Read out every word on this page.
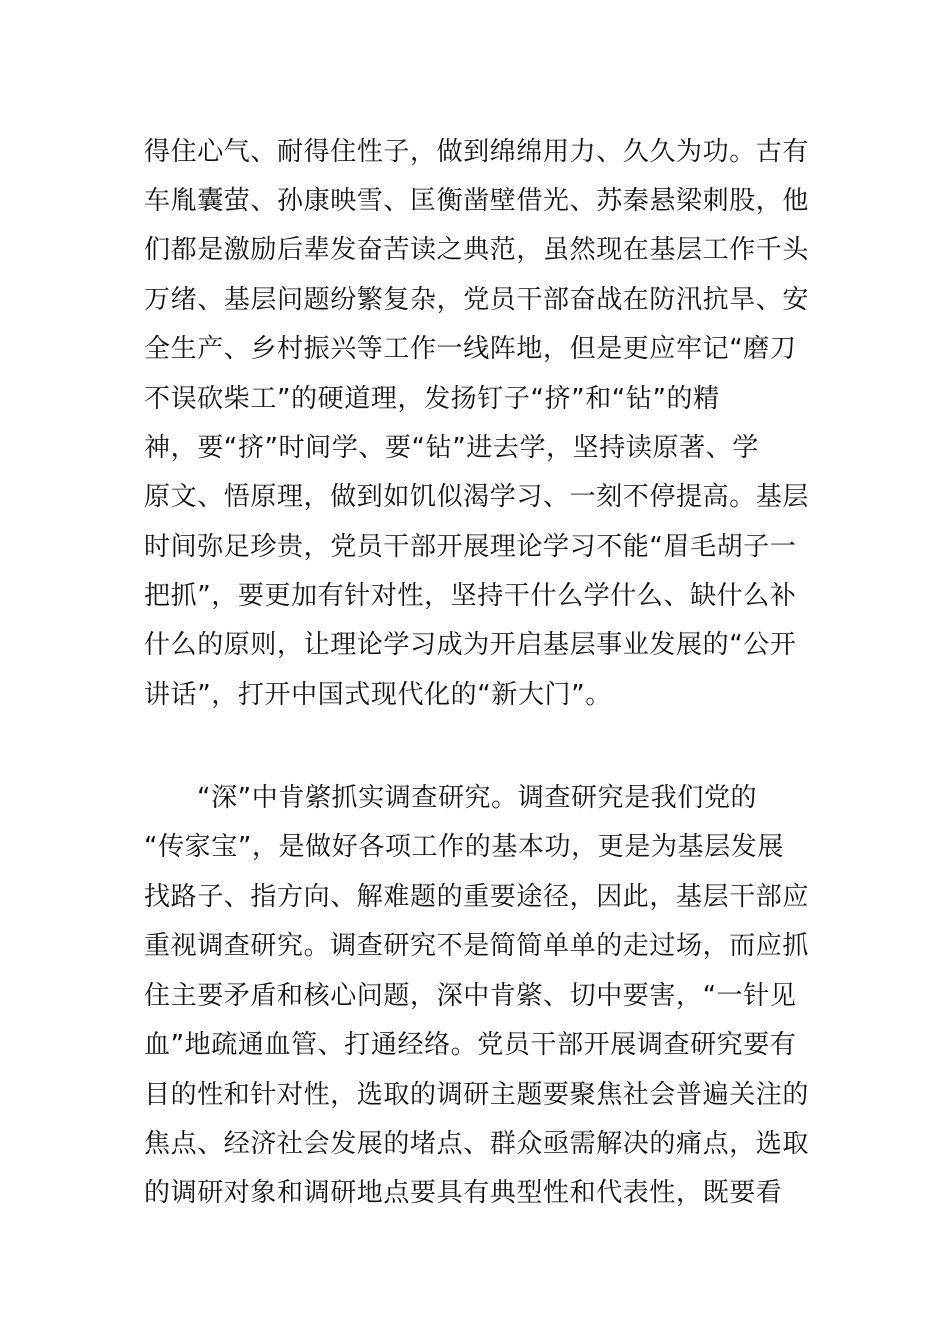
得住心气、耐得住性子，做到绵绵用力、久久为功。古有
车胤囊萤、孙康映雪、匡衡凿壁借光、苏秦悬梁刺股，他
们都是激励后辈发奋苦读之典范，虽然现在基层工作千头
万绪、基层问题纷繁复杂，党员干部奋战在防汛抗旱、安
全生产、乡村振兴等工作一线阵地，但是更应牢记“磨刀
不误砍柴工”的硬道理，发扬钉子“挤”和“钻”的精
神，要“挤”时间学、要“钻”进去学，坚持读原著、学
原文、悟原理，做到如饥似渴学习、一刻不停提高。基层
时间弥足珍贵，党员干部开展理论学习不能“眉毛胡子一
把抓”，要更加有针对性，坚持干什么学什么、缺什么补
什么的原则，让理论学习成为开启基层事业发展的“公开
讲话”，打开中国式现代化的“新大门”。
“深”中肯綮抓实调查研究。调查研究是我们党的
“传家宝”，是做好各项工作的基本功，更是为基层发展
找路子、指方向、解难题的重要途径，因此，基层干部应
重视调查研究。调查研究不是简简单单的走过场，而应抓
住主要矛盾和核心问题，深中肯綮、切中要害，“一针见
血”地疏通血管、打通经络。党员干部开展调查研究要有
目的性和针对性，选取的调研主题要聚焦社会普遍关注的
焦点、经济社会发展的堵点、群众亟需解决的痛点，选取
的调研对象和调研地点要具有典型性和代表性，既要看
